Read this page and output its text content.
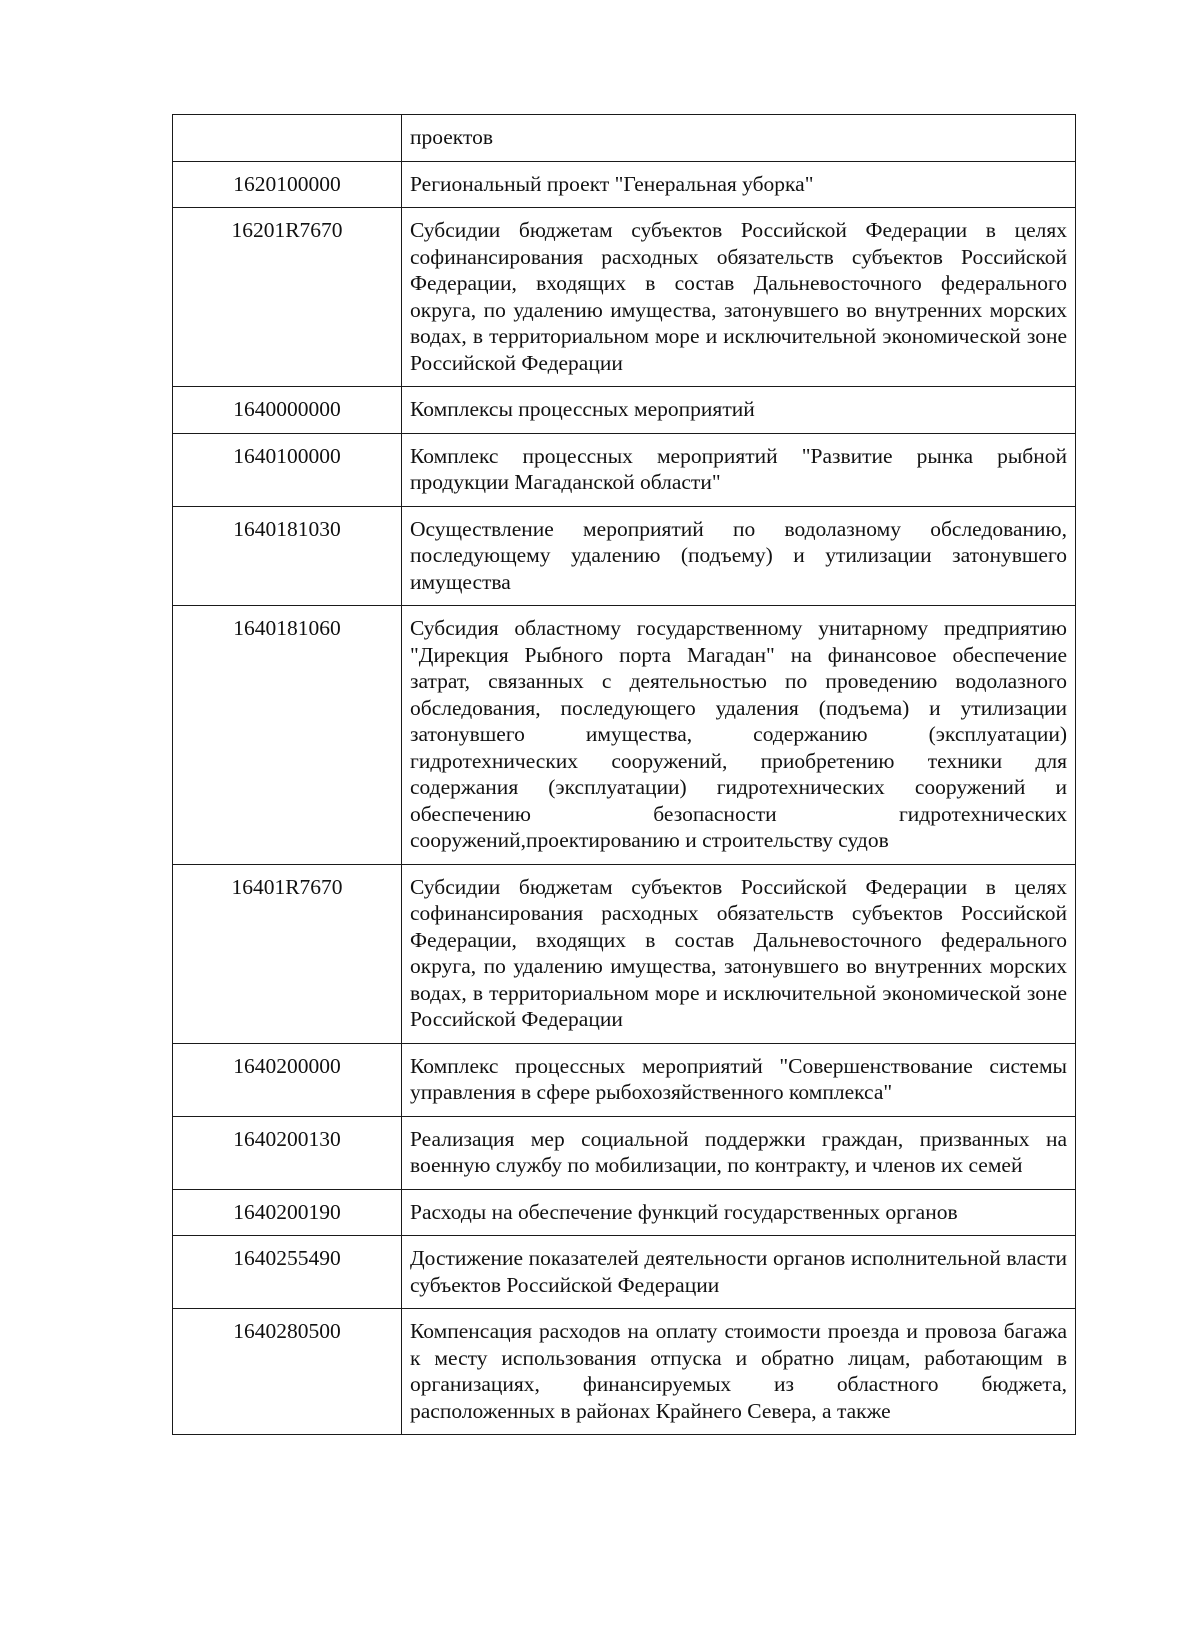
	проектов
1620100000	Региональный проект "Генеральная уборка"
16201R7670	Субсидии бюджетам субъектов Российской Федерации в целях софинансирования расходных обязательств субъектов Российской Федерации, входящих в состав Дальневосточного федерального округа, по удалению имущества, затонувшего во внутренних морских водах, в территориальном море и исключительной экономической зоне Российской Федерации
1640000000	Комплексы процессных мероприятий
1640100000	Комплекс процессных мероприятий "Развитие рынка рыбной продукции Магаданской области"
1640181030	Осуществление мероприятий по водолазному обследованию, последующему удалению (подъему) и утилизации затонувшего имущества
1640181060	Субсидия областному государственному унитарному предприятию "Дирекция Рыбного порта Магадан" на финансовое обеспечение затрат, связанных с деятельностью по проведению водолазного обследования, последующего удаления (подъема) и утилизации затонувшего имущества, содержанию (эксплуатации) гидротехнических сооружений, приобретению техники для содержания (эксплуатации) гидротехнических сооружений и обеспечению безопасности гидротехнических сооружений,проектированию и строительству судов
16401R7670	Субсидии бюджетам субъектов Российской Федерации в целях софинансирования расходных обязательств субъектов Российской Федерации, входящих в состав Дальневосточного федерального округа, по удалению имущества, затонувшего во внутренних морских водах, в территориальном море и исключительной экономической зоне Российской Федерации
1640200000	Комплекс процессных мероприятий "Совершенствование системы управления в сфере рыбохозяйственного комплекса"
1640200130	Реализация мер социальной поддержки граждан, призванных на военную службу по мобилизации, по контракту, и членов их семей
1640200190	Расходы на обеспечение функций государственных органов
1640255490	Достижение показателей деятельности органов исполнительной власти субъектов Российской Федерации
1640280500	Компенсация расходов на оплату стоимости проезда и провоза багажа к месту использования отпуска и обратно лицам, работающим в организациях, финансируемых из областного бюджета, расположенных в районах Крайнего Севера, а также
